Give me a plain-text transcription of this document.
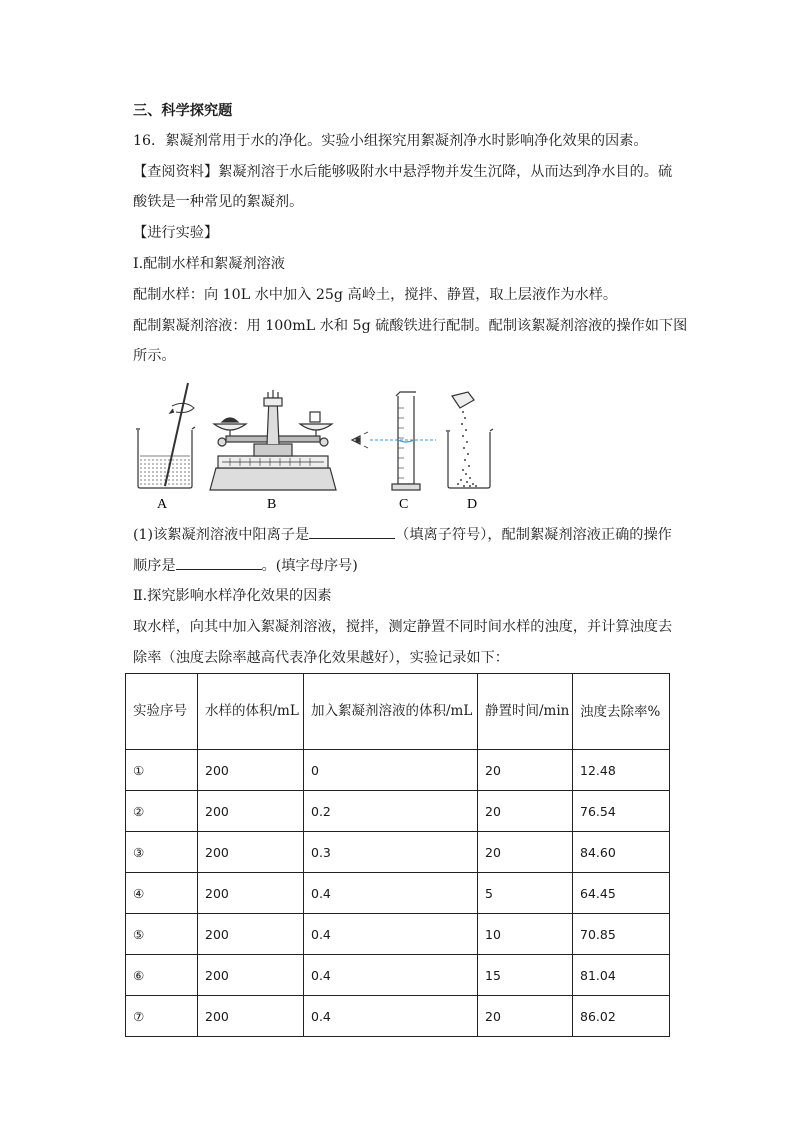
三、科学探究题
16．絮凝剂常用于水的净化。实验小组探究用絮凝剂净水时影响净化效果的因素。
【查阅资料】絮凝剂溶于水后能够吸附水中悬浮物并发生沉降，从而达到净水目的。硫
酸铁是一种常见的絮凝剂。
【进行实验】
Ⅰ.配制水样和絮凝剂溶液
配制水样：向 10L 水中加入 25g 高岭土，搅拌、静置，取上层液作为水样。
配制絮凝剂溶液：用 100mL 水和 5g 硫酸铁进行配制。配制该絮凝剂溶液的操作如下图
所示。
A	B	C	D
(1)该絮凝剂溶液中阳离子是	（填离子符号），配制絮凝剂溶液正确的操作
顺序是	。(填字母序号)
Ⅱ.探究影响水样净化效果的因素
取水样，向其中加入絮凝剂溶液，搅拌，测定静置不同时间水样的浊度，并计算浊度去
除率（浊度去除率越高代表净化效果越好），实验记录如下：
实验序号	水样的体积/mL	加入絮凝剂溶液的体积/mL	静置时间/min	浊度去除率%
①	200	0	20	12.48
②	200	0.2	20	76.54
③	200	0.3	20	84.60
④	200	0.4	5	64.45
⑤	200	0.4	10	70.85
⑥	200	0.4	15	81.04
⑦	200	0.4	20	86.02
